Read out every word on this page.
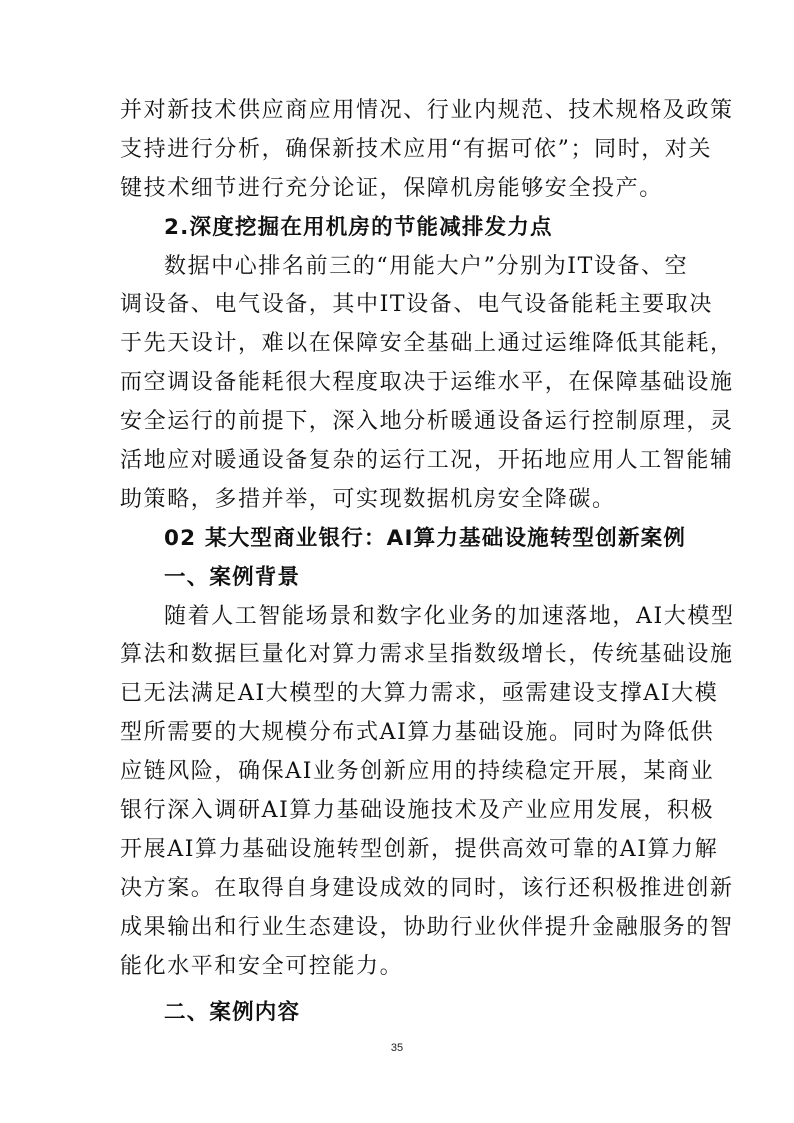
并对新技术供应商应用情况、行业内规范、技术规格及政策
支持进行分析，确保新技术应用“有据可依”；同时，对关
键技术细节进行充分论证，保障机房能够安全投产。
2.深度挖掘在用机房的节能减排发力点
数据中心排名前三的“用能大户”分别为IT设备、空
调设备、电气设备，其中IT设备、电气设备能耗主要取决
于先天设计，难以在保障安全基础上通过运维降低其能耗，
而空调设备能耗很大程度取决于运维水平，在保障基础设施
安全运行的前提下，深入地分析暖通设备运行控制原理，灵
活地应对暖通设备复杂的运行工况，开拓地应用人工智能辅
助策略，多措并举，可实现数据机房安全降碳。
02 某大型商业银行：AI算力基础设施转型创新案例
一、案例背景
随着人工智能场景和数字化业务的加速落地，AI大模型
算法和数据巨量化对算力需求呈指数级增长，传统基础设施
已无法满足AI大模型的大算力需求，亟需建设支撑AI大模
型所需要的大规模分布式AI算力基础设施。同时为降低供
应链风险，确保AI业务创新应用的持续稳定开展，某商业
银行深入调研AI算力基础设施技术及产业应用发展，积极
开展AI算力基础设施转型创新，提供高效可靠的AI算力解
决方案。在取得自身建设成效的同时，该行还积极推进创新
成果输出和行业生态建设，协助行业伙伴提升金融服务的智
能化水平和安全可控能力。
二、案例内容
35
